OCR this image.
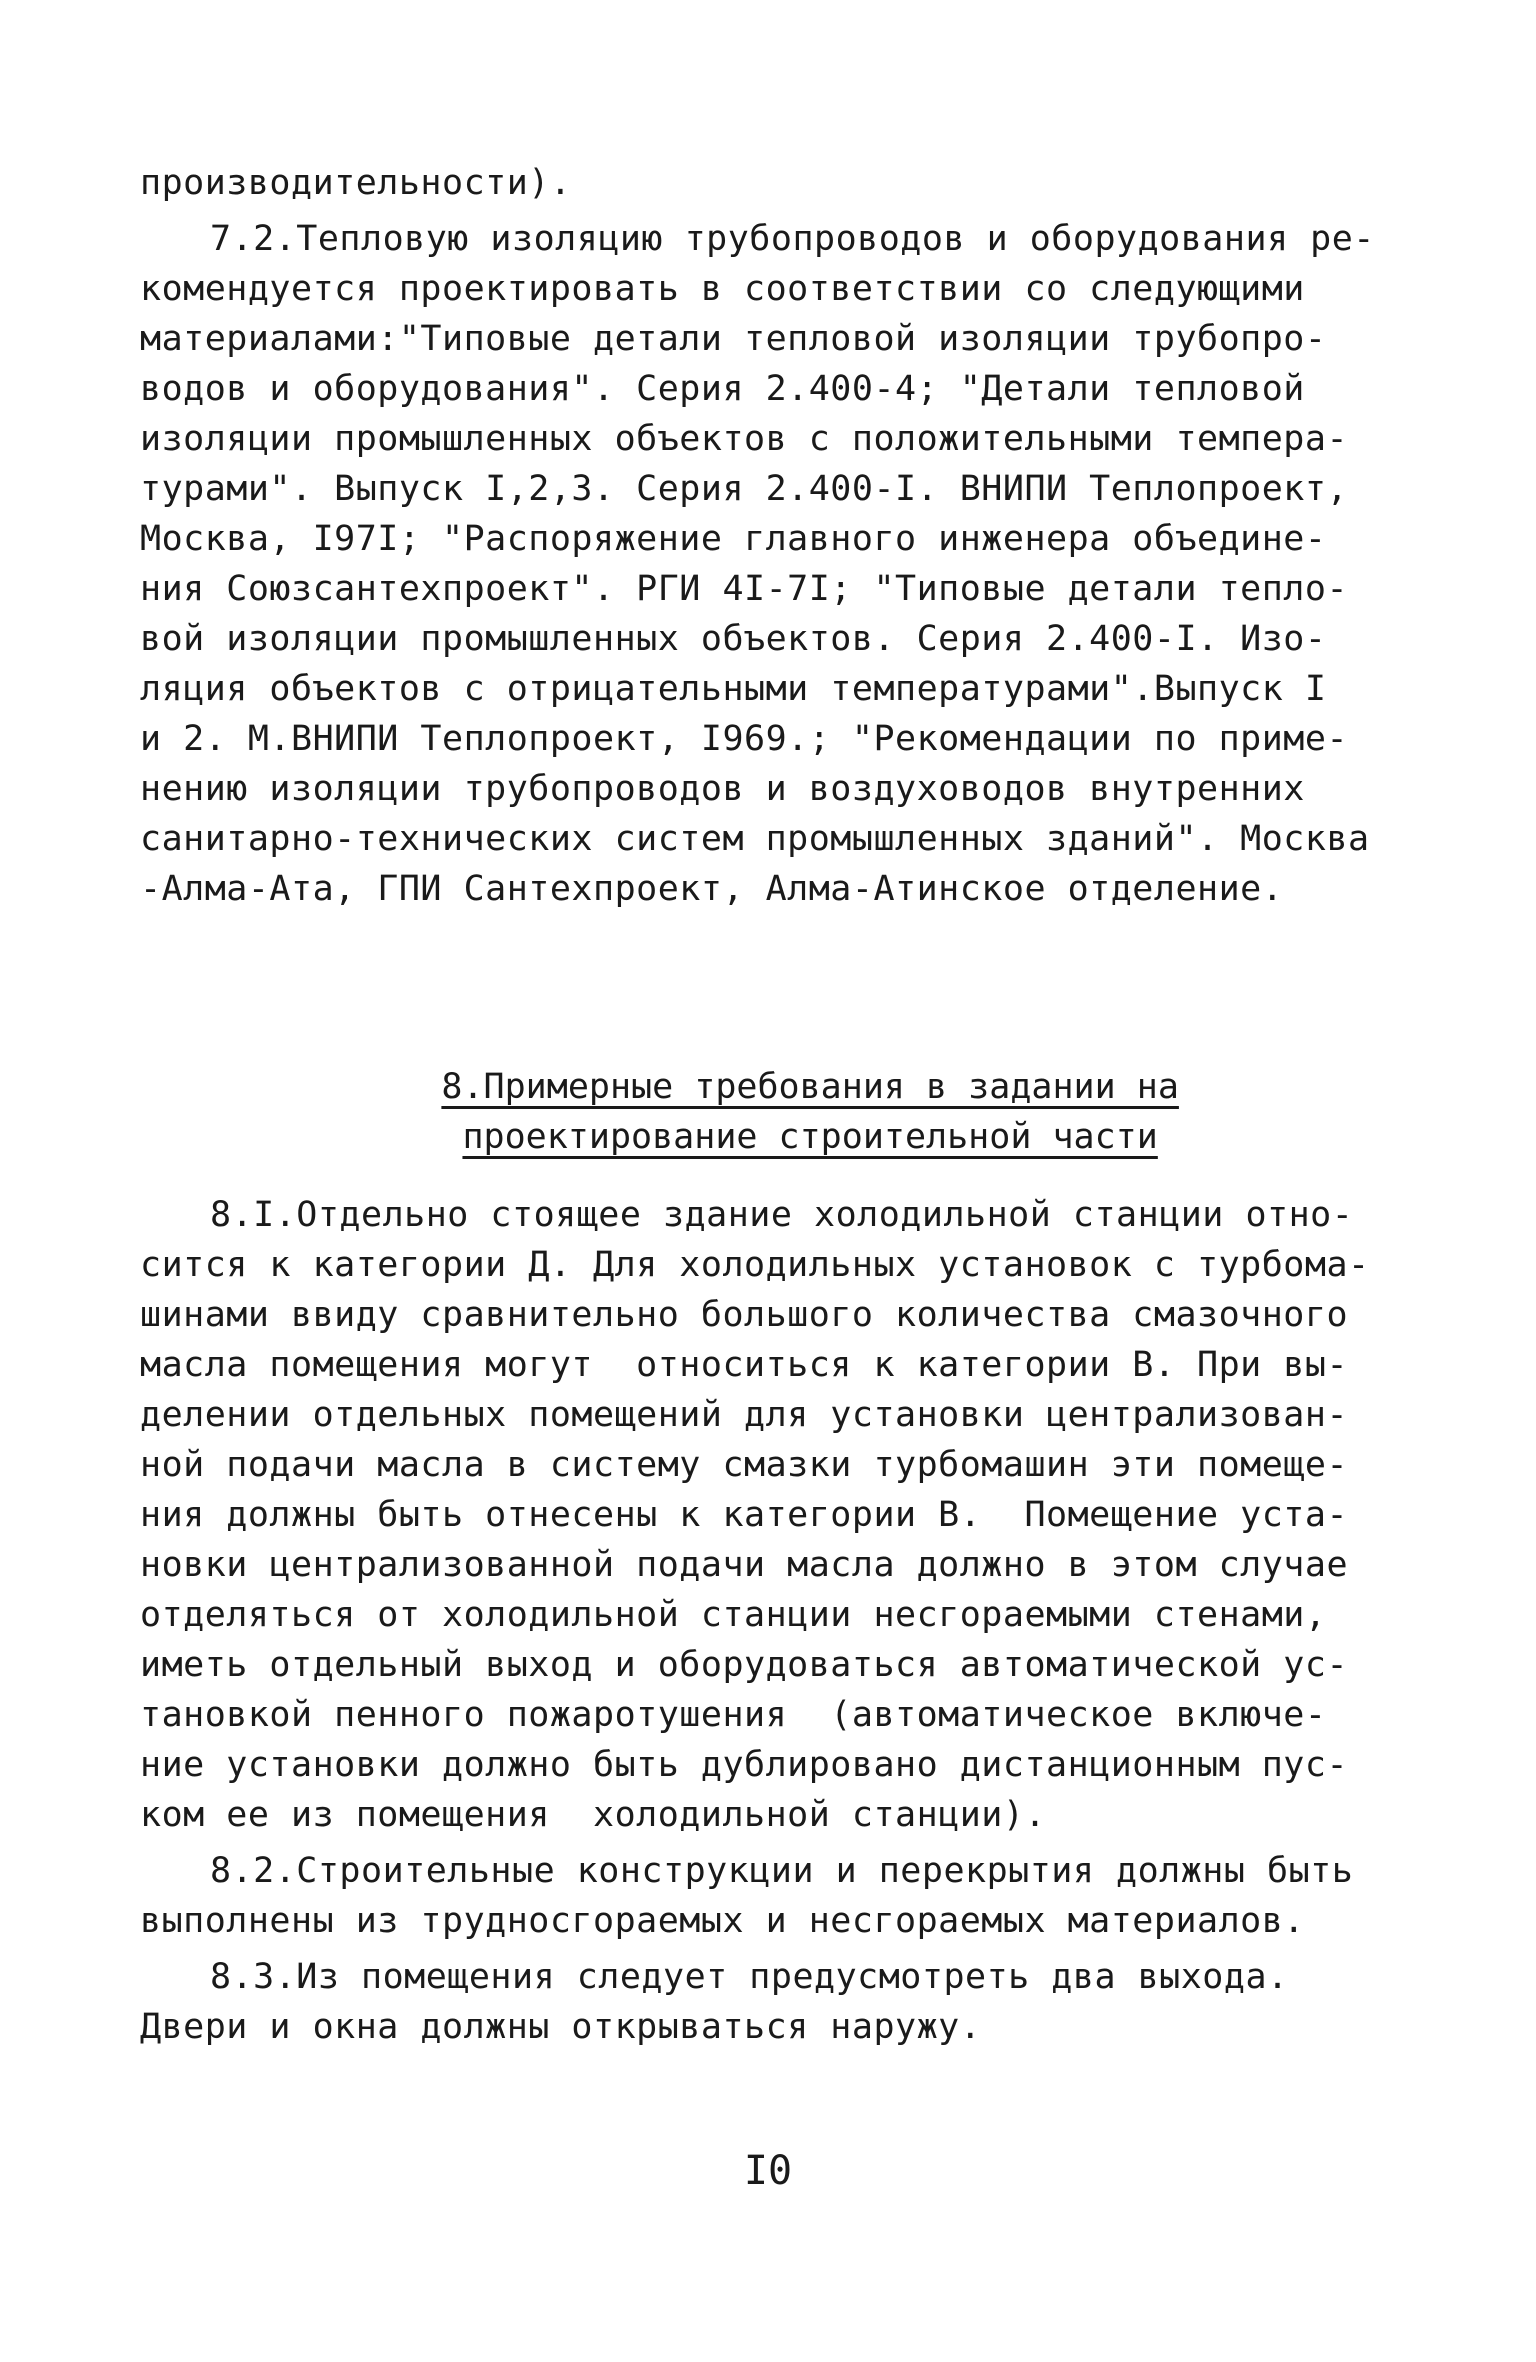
производительности).
7.2.Тепловую изоляцию трубопроводов и оборудования ре-
комендуется проектировать в соответствии со следующими
материалами:"Типовые детали тепловой изоляции трубопро-
водов и оборудования". Серия 2.400-4; "Детали тепловой
изоляции промышленных объектов с положительными темпера-
турами". Выпуск I,2,3. Серия 2.400-I. ВНИПИ Теплопроект,
Москва, I97I; "Распоряжение главного инженера объедине-
ния Союзсантехпроект". РГИ 4I-7I; "Типовые детали тепло-
вой изоляции промышленных объектов. Серия 2.400-I. Изо-
ляция объектов с отрицательными температурами".Выпуск I
и 2. М.ВНИПИ Теплопроект, I969.; "Рекомендации по приме-
нению изоляции трубопроводов и воздуховодов внутренних
санитарно-технических систем промышленных зданий". Москва
-Алма-Ата, ГПИ Сантехпроект, Алма-Атинское отделение.

8.Примерные требования в задании на

проектирование строительной части

8.I.Отдельно стоящее здание холодильной станции отно-
сится к категории Д. Для холодильных установок с турбома-
шинами ввиду сравнительно большого количества смазочного
масла помещения могут  относиться к категории В. При вы-
делении отдельных помещений для установки централизован-
ной подачи масла в систему смазки турбомашин эти помеще-
ния должны быть отнесены к категории В.  Помещение уста-
новки централизованной подачи масла должно в этом случае
отделяться от холодильной станции несгораемыми стенами,
иметь отдельный выход и оборудоваться автоматической ус-
тановкой пенного пожаротушения  (автоматическое включе-
ние установки должно быть дублировано дистанционным пус-
ком ее из помещения  холодильной станции).
8.2.Строительные конструкции и перекрытия должны быть
выполнены из трудносгораемых и несгораемых материалов.
8.3.Из помещения следует предусмотреть два выхода.
Двери и окна должны открываться наружу.
I0
